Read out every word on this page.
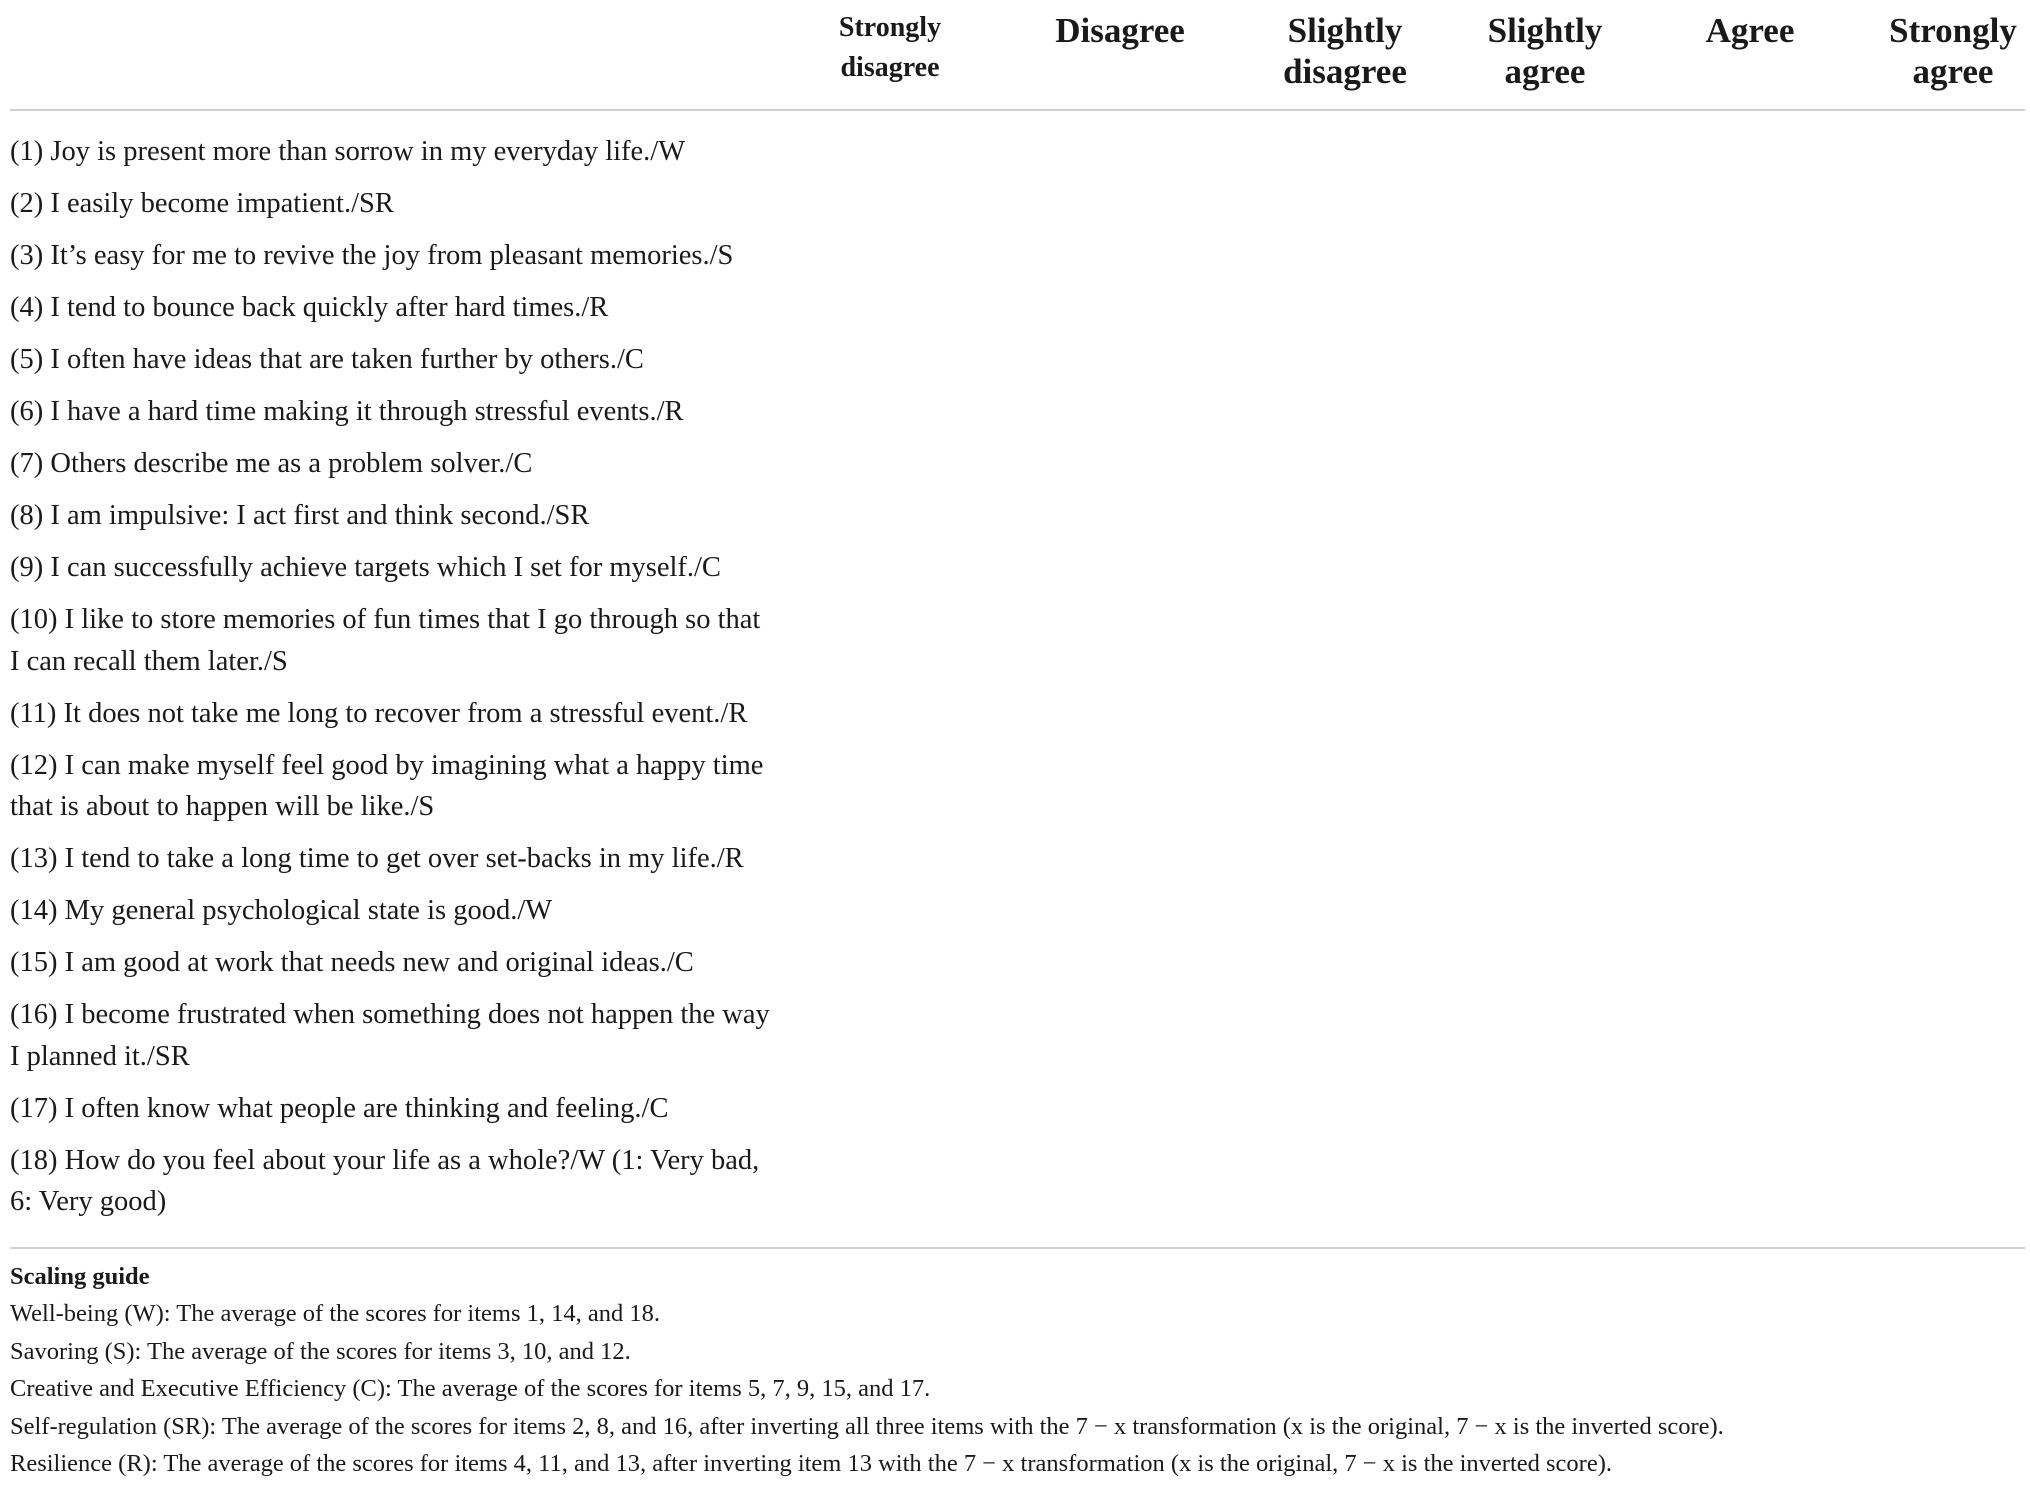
Strongly disagree
Disagree	Slightly disagree
Slightly agree
Agree	Strongly agree
(1) Joy is present more than sorrow in my everyday life./W
(2) I easily become impatient./SR
(3) It’s easy for me to revive the joy from pleasant memories./S
(4) I tend to bounce back quickly after hard times./R
(5) I often have ideas that are taken further by others./C
(6) I have a hard time making it through stressful events./R
(7) Others describe me as a problem solver./C
(8) I am impulsive: I act first and think second./SR
(9) I can successfully achieve targets which I set for myself./C
(10) I like to store memories of fun times that I go through so that I can recall them later./S
(11) It does not take me long to recover from a stressful event./R
(12) I can make myself feel good by imagining what a happy time that is about to happen will be like./S
(13) I tend to take a long time to get over set-backs in my life./R
(14) My general psychological state is good./W
(15) I am good at work that needs new and original ideas./C
(16) I become frustrated when something does not happen the way I planned it./SR
(17) I often know what people are thinking and feeling./C
(18) How do you feel about your life as a whole?/W (1: Very bad, 6: Very good)
Scaling guide
Well-being (W): The average of the scores for items 1, 14, and 18.
Savoring (S): The average of the scores for items 3, 10, and 12.
Creative and Executive Efficiency (C): The average of the scores for items 5, 7, 9, 15, and 17.
Self-regulation (SR): The average of the scores for items 2, 8, and 16, after inverting all three items with the 7 − x transformation (x is the original, 7 − x is the inverted score).
Resilience (R): The average of the scores for items 4, 11, and 13, after inverting item 13 with the 7 − x transformation (x is the original, 7 − x is the inverted score).
